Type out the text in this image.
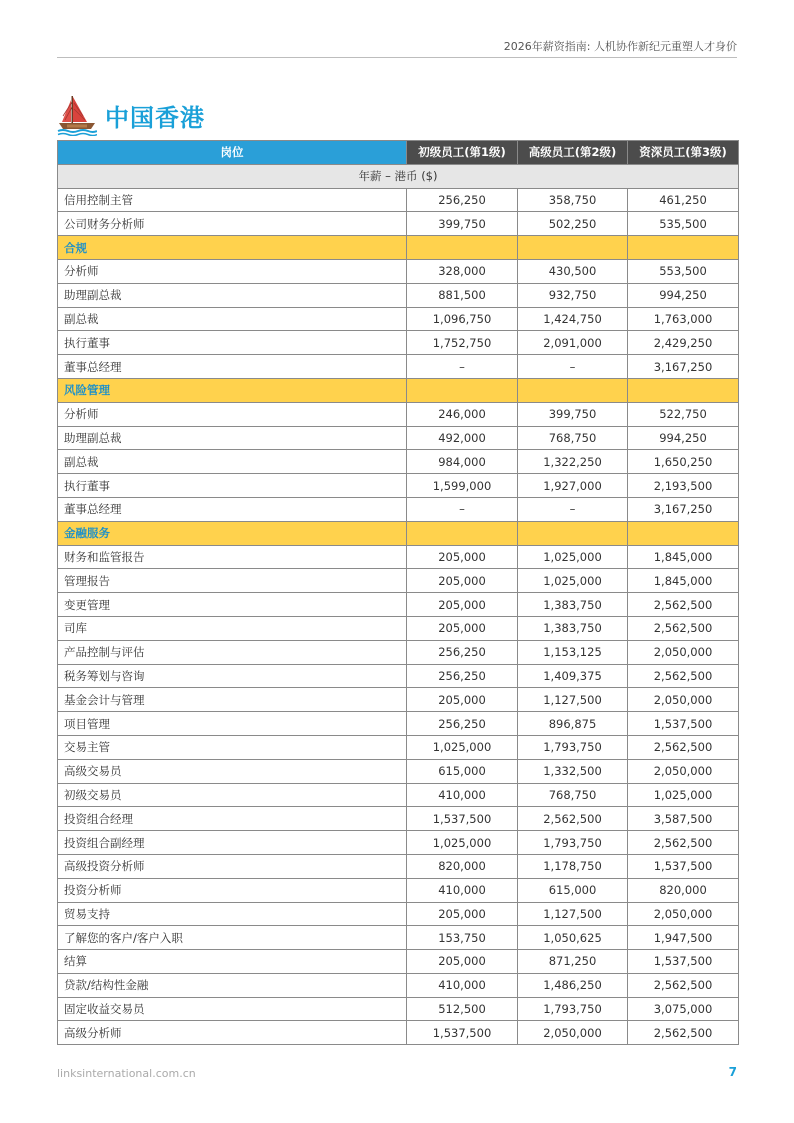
2026年薪资指南: 人机协作新纪元重塑人才身价
中国香港
岗位	初级员工(第1级)	高级员工(第2级)	资深员工(第3级)
年薪 – 港币 ($)			
信用控制主管	256,250	358,750	461,250
公司财务分析师	399,750	502,250	535,500
合规			
分析师	328,000	430,500	553,500
助理副总裁	881,500	932,750	994,250
副总裁	1,096,750	1,424,750	1,763,000
执行董事	1,752,750	2,091,000	2,429,250
董事总经理	–	–	3,167,250
风险管理			
分析师	246,000	399,750	522,750
助理副总裁	492,000	768,750	994,250
副总裁	984,000	1,322,250	1,650,250
执行董事	1,599,000	1,927,000	2,193,500
董事总经理	–	–	3,167,250
金融服务			
财务和监管报告	205,000	1,025,000	1,845,000
管理报告	205,000	1,025,000	1,845,000
变更管理	205,000	1,383,750	2,562,500
司库	205,000	1,383,750	2,562,500
产品控制与评估	256,250	1,153,125	2,050,000
税务筹划与咨询	256,250	1,409,375	2,562,500
基金会计与管理	205,000	1,127,500	2,050,000
项目管理	256,250	896,875	1,537,500
交易主管	1,025,000	1,793,750	2,562,500
高级交易员	615,000	1,332,500	2,050,000
初级交易员	410,000	768,750	1,025,000
投资组合经理	1,537,500	2,562,500	3,587,500
投资组合副经理	1,025,000	1,793,750	2,562,500
高级投资分析师	820,000	1,178,750	1,537,500
投资分析师	410,000	615,000	820,000
贸易支持	205,000	1,127,500	2,050,000
了解您的客户/客户入职	153,750	1,050,625	1,947,500
结算	205,000	871,250	1,537,500
贷款/结构性金融	410,000	1,486,250	2,562,500
固定收益交易员	512,500	1,793,750	3,075,000
高级分析师	1,537,500	2,050,000	2,562,500
linksinternational.com.cn	7
